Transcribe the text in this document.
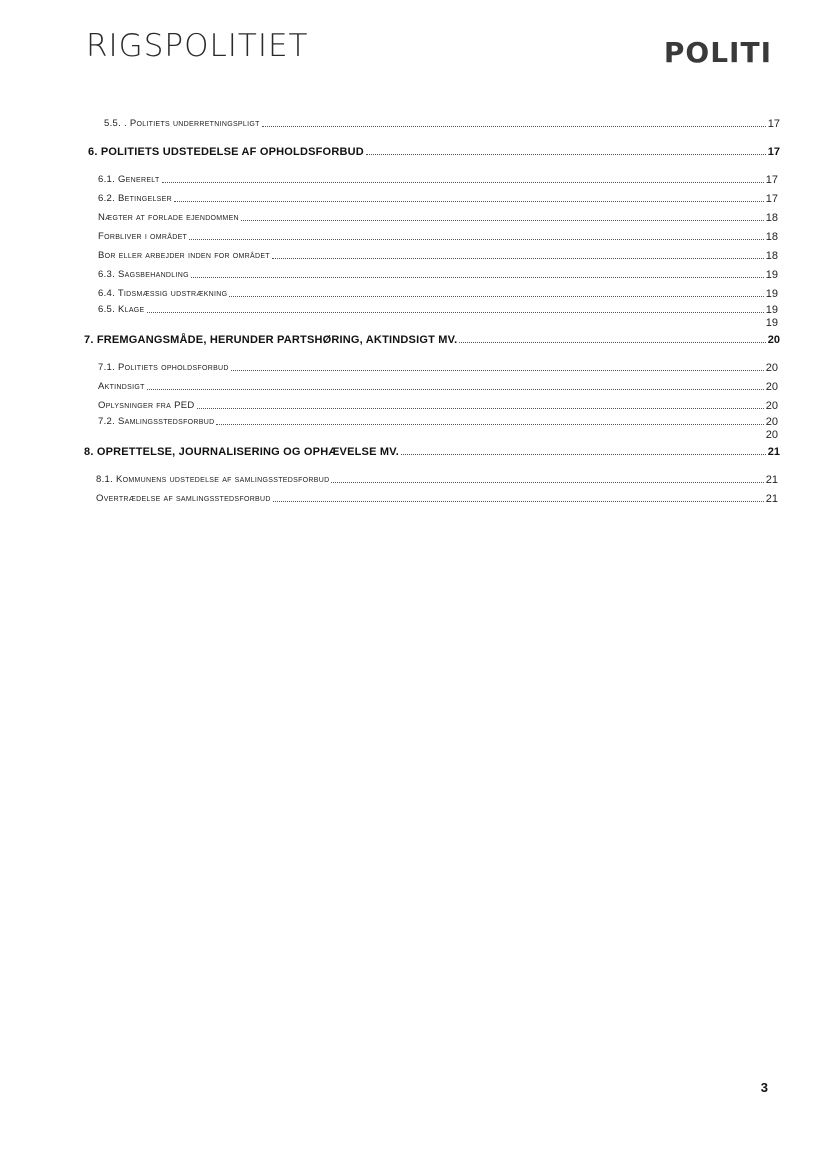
RIGSPOLITIET	POLITI
5.5. . Politiets underretningspligt	17
6. POLITIETS UDSTEDELSE AF OPHOLDSFORBUD	17
6.1. Generelt	17
6.2. Betingelser	17
Nægter at forlade ejendommen	18
Forbliver i området	18
Bor eller arbejder inden for området	18
6.3. Sagsbehandling	19
6.4. Tidsmæssig udstrækning	19
6.5. Klage	19
19
7. FREMGANGSMÅDE, HERUNDER PARTSHØRING, AKTINDSIGT MV.	20
7.1. Politiets opholdsforbud	20
Aktindsigt	20
Oplysninger fra PED	20
7.2. Samlingsstedsforbud	20
20
8. OPRETTELSE, JOURNALISERING OG OPHÆVELSE MV.	21
8.1. Kommunens udstedelse af samlingsstedsforbud	21
Overtrædelse af samlingsstedsforbud	21
3
